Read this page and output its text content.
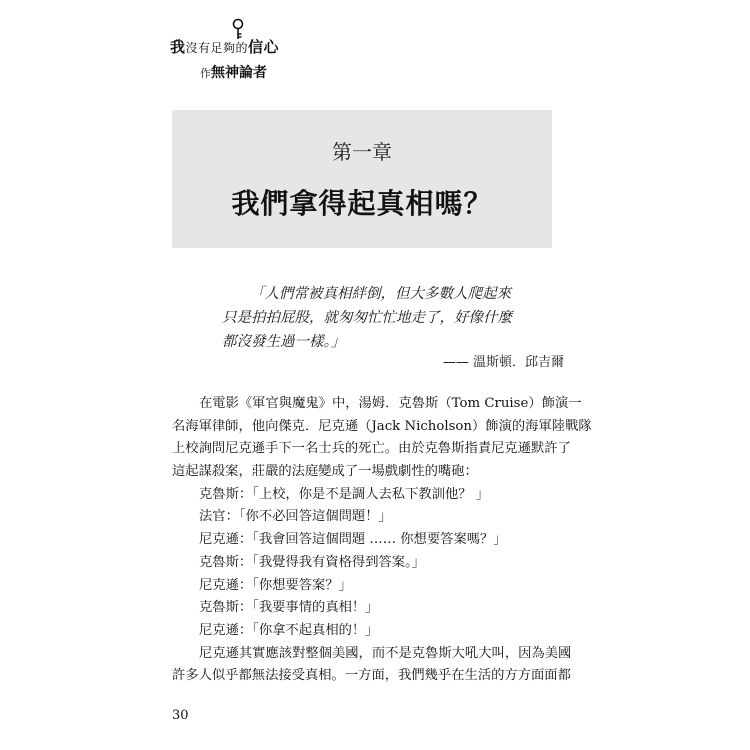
我沒有足夠的信心
作無神論者
第一章
我們拿得起真相嗎？
「人們常被真相絆倒，但大多數人爬起來
只是拍拍屁股，就匆匆忙忙地走了，好像什麼
都沒發生過一樣。」
—— 溫斯頓．邱吉爾
在電影《軍官與魔鬼》中，湯姆．克魯斯（Tom Cruise）飾演一
名海軍律師，他向傑克．尼克遜（Jack Nicholson）飾演的海軍陸戰隊
上校詢問尼克遜手下一名士兵的死亡。由於克魯斯指責尼克遜默許了
這起謀殺案，莊嚴的法庭變成了一場戲劇性的嘴砲：
克魯斯：「上校，你是不是調人去私下教訓他？ 」
法官：「你不必回答這個問題！」
尼克遜：「我會回答這個問題 …… 你想要答案嗎？」
克魯斯：「我覺得我有資格得到答案。」
尼克遜：「你想要答案？」
克魯斯：「我要事情的真相！」
尼克遜：「你拿不起真相的！」
尼克遜其實應該對整個美國，而不是克魯斯大吼大叫，因為美國
許多人似乎都無法接受真相。一方面，我們幾乎在生活的方方面面都
30
